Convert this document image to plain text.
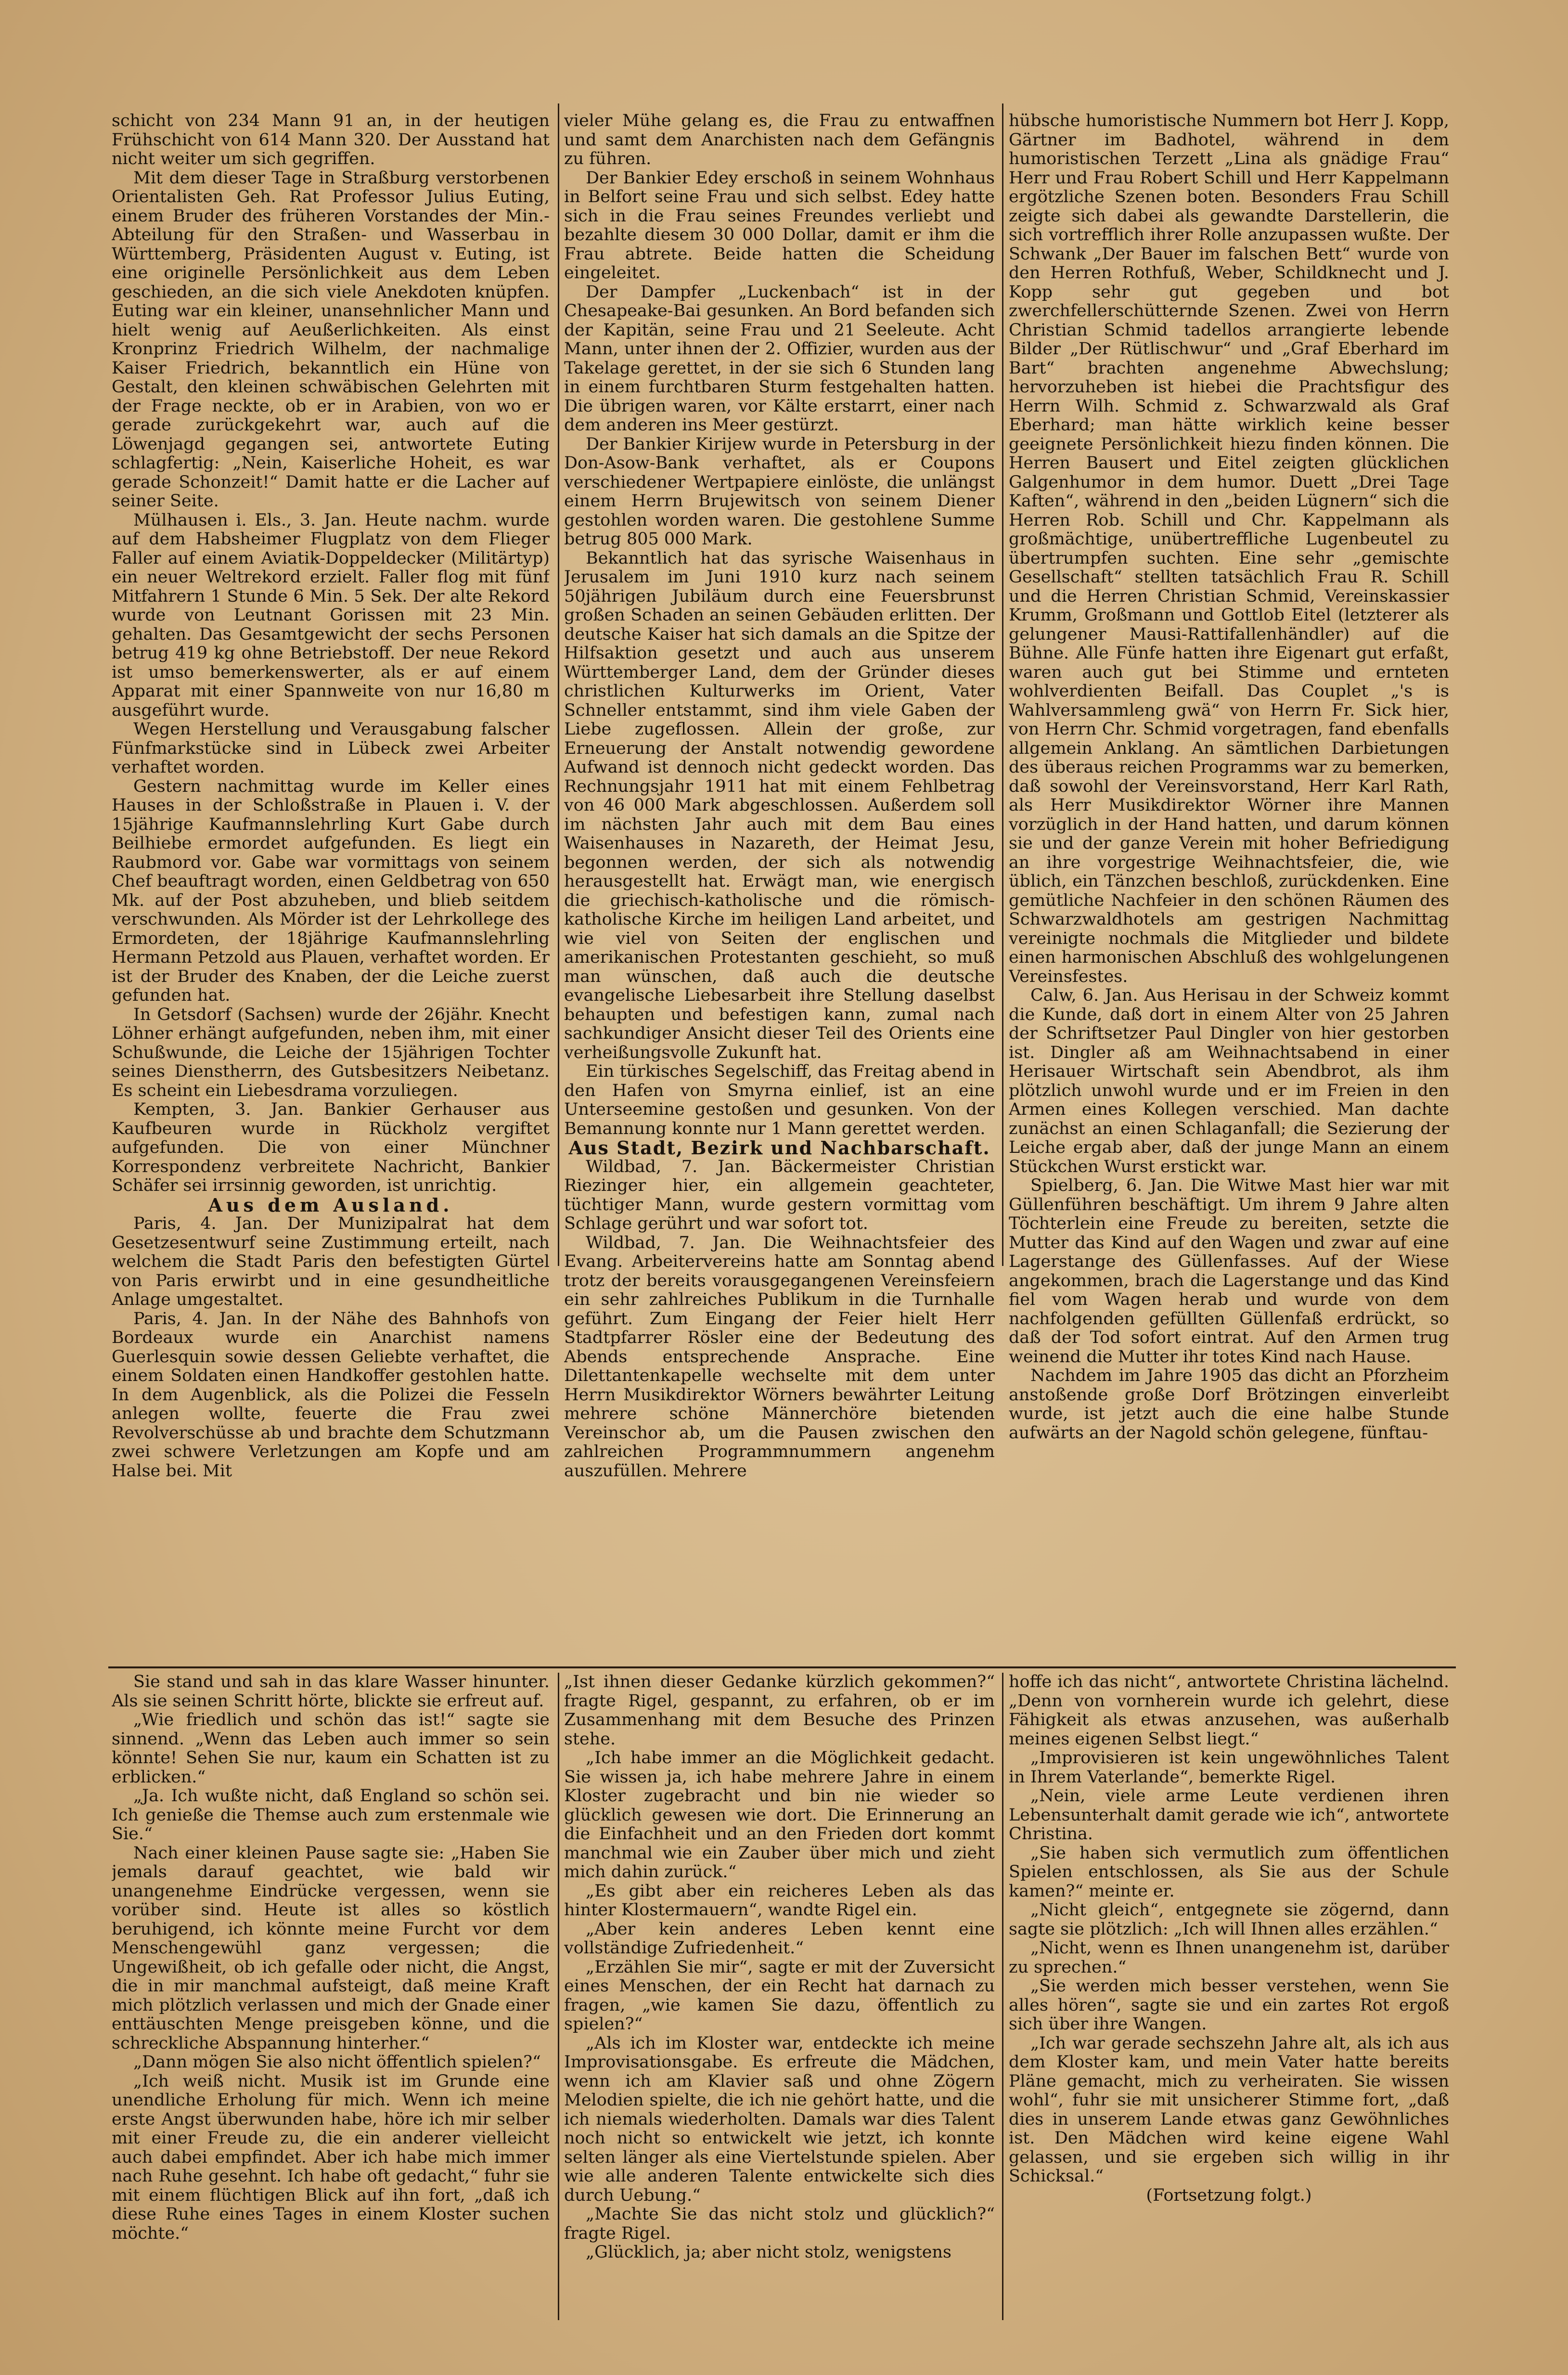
schicht von 234 Mann 91 an, in der heutigen Frühschicht von 614 Mann 320. Der Ausstand hat nicht weiter um sich gegriffen.

Mit dem dieser Tage in Straßburg verstorbenen Orientalisten Geh. Rat Professor Julius Euting, einem Bruder des früheren Vorstandes der Min.-Abteilung für den Straßen- und Wasserbau in Württemberg, Präsidenten August v. Euting, ist eine originelle Persönlichkeit aus dem Leben geschieden, an die sich viele Anekdoten knüpfen. Euting war ein kleiner, unansehnlicher Mann und hielt wenig auf Aeußerlichkeiten. Als einst Kronprinz Friedrich Wilhelm, der nachmalige Kaiser Friedrich, bekanntlich ein Hüne von Gestalt, den kleinen schwäbischen Gelehrten mit der Frage neckte, ob er in Arabien, von wo er gerade zurückgekehrt war, auch auf die Löwenjagd gegangen sei, antwortete Euting schlagfertig: „Nein, Kaiserliche Hoheit, es war gerade Schonzeit!“ Damit hatte er die Lacher auf seiner Seite.

Mülhausen i. Els., 3. Jan. Heute nachm. wurde auf dem Habsheimer Flugplatz von dem Flieger Faller auf einem Aviatik-Doppeldecker (Militärtyp) ein neuer Weltrekord erzielt. Faller flog mit fünf Mitfahrern 1 Stunde 6 Min. 5 Sek. Der alte Rekord wurde von Leutnant Gorissen mit 23 Min. gehalten. Das Gesamtgewicht der sechs Personen betrug 419 kg ohne Betriebstoff. Der neue Rekord ist umso bemerkenswerter, als er auf einem Apparat mit einer Spannweite von nur 16,80 m ausgeführt wurde.

Wegen Herstellung und Verausgabung falscher Fünfmarkstücke sind in Lübeck zwei Arbeiter verhaftet worden.

Gestern nachmittag wurde im Keller eines Hauses in der Schloßstraße in Plauen i. V. der 15jährige Kaufmannslehrling Kurt Gabe durch Beilhiebe ermordet aufgefunden. Es liegt ein Raubmord vor. Gabe war vormittags von seinem Chef beauftragt worden, einen Geldbetrag von 650 Mk. auf der Post abzuheben, und blieb seitdem verschwunden. Als Mörder ist der Lehrkollege des Ermordeten, der 18jährige Kaufmannslehrling Hermann Petzold aus Plauen, verhaftet worden. Er ist der Bruder des Knaben, der die Leiche zuerst gefunden hat.

In Getsdorf (Sachsen) wurde der 26jähr. Knecht Löhner erhängt aufgefunden, neben ihm, mit einer Schußwunde, die Leiche der 15jährigen Tochter seines Dienstherrn, des Gutsbesitzers Neibetanz. Es scheint ein Liebesdrama vorzuliegen.

Kempten, 3. Jan. Bankier Gerhauser aus Kaufbeuren wurde in Rückholz vergiftet aufgefunden. Die von einer Münchner Korrespondenz verbreitete Nachricht, Bankier Schäfer sei irrsinnig geworden, ist unrichtig.

Aus dem Ausland.

Paris, 4. Jan. Der Munizipalrat hat dem Gesetzesentwurf seine Zustimmung erteilt, nach welchem die Stadt Paris den befestigten Gürtel von Paris erwirbt und in eine gesundheitliche Anlage umgestaltet.

Paris, 4. Jan. In der Nähe des Bahnhofs von Bordeaux wurde ein Anarchist namens Guerlesquin sowie dessen Geliebte verhaftet, die einem Soldaten einen Handkoffer gestohlen hatte. In dem Augenblick, als die Polizei die Fesseln anlegen wollte, feuerte die Frau zwei Revolverschüsse ab und brachte dem Schutzmann zwei schwere Verletzungen am Kopfe und am Halse bei. Mit

vieler Mühe gelang es, die Frau zu entwaffnen und samt dem Anarchisten nach dem Gefängnis zu führen.

Der Bankier Edey erschoß in seinem Wohnhaus in Belfort seine Frau und sich selbst. Edey hatte sich in die Frau seines Freundes verliebt und bezahlte diesem 30 000 Dollar, damit er ihm die Frau abtrete. Beide hatten die Scheidung eingeleitet.

Der Dampfer „Luckenbach“ ist in der Chesapeake-Bai gesunken. An Bord befanden sich der Kapitän, seine Frau und 21 Seeleute. Acht Mann, unter ihnen der 2. Offizier, wurden aus der Takelage gerettet, in der sie sich 6 Stunden lang in einem furchtbaren Sturm festgehalten hatten. Die übrigen waren, vor Kälte erstarrt, einer nach dem anderen ins Meer gestürzt.

Der Bankier Kirijew wurde in Petersburg in der Don-Asow-Bank verhaftet, als er Coupons verschiedener Wertpapiere einlöste, die unlängst einem Herrn Brujewitsch von seinem Diener gestohlen worden waren. Die gestohlene Summe betrug 805 000 Mark.

Bekanntlich hat das syrische Waisenhaus in Jerusalem im Juni 1910 kurz nach seinem 50jährigen Jubiläum durch eine Feuersbrunst großen Schaden an seinen Gebäuden erlitten. Der deutsche Kaiser hat sich damals an die Spitze der Hilfsaktion gesetzt und auch aus unserem Württemberger Land, dem der Gründer dieses christlichen Kulturwerks im Orient, Vater Schneller entstammt, sind ihm viele Gaben der Liebe zugeflossen. Allein der große, zur Erneuerung der Anstalt notwendig gewordene Aufwand ist dennoch nicht gedeckt worden. Das Rechnungsjahr 1911 hat mit einem Fehlbetrag von 46 000 Mark abgeschlossen. Außerdem soll im nächsten Jahr auch mit dem Bau eines Waisenhauses in Nazareth, der Heimat Jesu, begonnen werden, der sich als notwendig herausgestellt hat. Erwägt man, wie energisch die griechisch-katholische und die römisch-katholische Kirche im heiligen Land arbeitet, und wie viel von Seiten der englischen und amerikanischen Protestanten geschieht, so muß man wünschen, daß auch die deutsche evangelische Liebesarbeit ihre Stellung daselbst behaupten und befestigen kann, zumal nach sachkundiger Ansicht dieser Teil des Orients eine verheißungsvolle Zukunft hat.

Ein türkisches Segelschiff, das Freitag abend in den Hafen von Smyrna einlief, ist an eine Unterseemine gestoßen und gesunken. Von der Bemannung konnte nur 1 Mann gerettet werden.

Aus Stadt, Bezirk und Nachbarschaft.

Wildbad, 7. Jan. Bäckermeister Christian Riezinger hier, ein allgemein geachteter, tüchtiger Mann, wurde gestern vormittag vom Schlage gerührt und war sofort tot.

Wildbad, 7. Jan. Die Weihnachtsfeier des Evang. Arbeitervereins hatte am Sonntag abend trotz der bereits vorausgegangenen Vereinsfeiern ein sehr zahlreiches Publikum in die Turnhalle geführt. Zum Eingang der Feier hielt Herr Stadtpfarrer Rösler eine der Bedeutung des Abends entsprechende Ansprache. Eine Dilettantenkapelle wechselte mit dem unter Herrn Musikdirektor Wörners bewährter Leitung mehrere schöne Männerchöre bietenden Vereinschor ab, um die Pausen zwischen den zahlreichen Programmnummern angenehm auszufüllen. Mehrere

hübsche humoristische Nummern bot Herr J. Kopp, Gärtner im Badhotel, während in dem humoristischen Terzett „Lina als gnädige Frau“ Herr und Frau Robert Schill und Herr Kappelmann ergötzliche Szenen boten. Besonders Frau Schill zeigte sich dabei als gewandte Darstellerin, die sich vortrefflich ihrer Rolle anzupassen wußte. Der Schwank „Der Bauer im falschen Bett“ wurde von den Herren Rothfuß, Weber, Schildknecht und J. Kopp sehr gut gegeben und bot zwerchfellerschütternde Szenen. Zwei von Herrn Christian Schmid tadellos arrangierte lebende Bilder „Der Rütlischwur“ und „Graf Eberhard im Bart“ brachten angenehme Abwechslung; hervorzuheben ist hiebei die Prachtsfigur des Herrn Wilh. Schmid z. Schwarzwald als Graf Eberhard; man hätte wirklich keine besser geeignete Persönlichkeit hiezu finden können. Die Herren Bausert und Eitel zeigten glücklichen Galgenhumor in dem humor. Duett „Drei Tage Kaften“, während in den „beiden Lügnern“ sich die Herren Rob. Schill und Chr. Kappelmann als großmächtige, unübertreffliche Lugenbeutel zu übertrumpfen suchten. Eine sehr „gemischte Gesellschaft“ stellten tatsächlich Frau R. Schill und die Herren Christian Schmid, Vereinskassier Krumm, Großmann und Gottlob Eitel (letzterer als gelungener Mausi-Rattifallenhändler) auf die Bühne. Alle Fünfe hatten ihre Eigenart gut erfaßt, waren auch gut bei Stimme und ernteten wohlverdienten Beifall. Das Couplet „'s is Wahlversammleng gwä“ von Herrn Fr. Sick hier, von Herrn Chr. Schmid vorgetragen, fand ebenfalls allgemein Anklang. An sämtlichen Darbietungen des überaus reichen Programms war zu bemerken, daß sowohl der Vereinsvorstand, Herr Karl Rath, als Herr Musikdirektor Wörner ihre Mannen vorzüglich in der Hand hatten, und darum können sie und der ganze Verein mit hoher Befriedigung an ihre vorgestrige Weihnachtsfeier, die, wie üblich, ein Tänzchen beschloß, zurückdenken. Eine gemütliche Nachfeier in den schönen Räumen des Schwarzwaldhotels am gestrigen Nachmittag vereinigte nochmals die Mitglieder und bildete einen harmonischen Abschluß des wohlgelungenen Vereinsfestes.

Calw, 6. Jan. Aus Herisau in der Schweiz kommt die Kunde, daß dort in einem Alter von 25 Jahren der Schriftsetzer Paul Dingler von hier gestorben ist. Dingler aß am Weihnachtsabend in einer Herisauer Wirtschaft sein Abendbrot, als ihm plötzlich unwohl wurde und er im Freien in den Armen eines Kollegen verschied. Man dachte zunächst an einen Schlaganfall; die Sezierung der Leiche ergab aber, daß der junge Mann an einem Stückchen Wurst erstickt war.

Spielberg, 6. Jan. Die Witwe Mast hier war mit Güllenführen beschäftigt. Um ihrem 9 Jahre alten Töchterlein eine Freude zu bereiten, setzte die Mutter das Kind auf den Wagen und zwar auf eine Lagerstange des Güllenfasses. Auf der Wiese angekommen, brach die Lagerstange und das Kind fiel vom Wagen herab und wurde von dem nachfolgenden gefüllten Güllenfaß erdrückt, so daß der Tod sofort eintrat. Auf den Armen trug weinend die Mutter ihr totes Kind nach Hause.

Nachdem im Jahre 1905 das dicht an Pforzheim anstoßende große Dorf Brötzingen einverleibt wurde, ist jetzt auch die eine halbe Stunde aufwärts an der Nagold schön gelegene, fünftau-

Sie stand und sah in das klare Wasser hinunter. Als sie seinen Schritt hörte, blickte sie erfreut auf.

„Wie friedlich und schön das ist!“ sagte sie sinnend. „Wenn das Leben auch immer so sein könnte! Sehen Sie nur, kaum ein Schatten ist zu erblicken.“

„Ja. Ich wußte nicht, daß England so schön sei. Ich genieße die Themse auch zum erstenmale wie Sie.“

Nach einer kleinen Pause sagte sie: „Haben Sie jemals darauf geachtet, wie bald wir unangenehme Eindrücke vergessen, wenn sie vorüber sind. Heute ist alles so köstlich beruhigend, ich könnte meine Furcht vor dem Menschengewühl ganz vergessen; die Ungewißheit, ob ich gefalle oder nicht, die Angst, die in mir manchmal aufsteigt, daß meine Kraft mich plötzlich verlassen und mich der Gnade einer enttäuschten Menge preisgeben könne, und die schreckliche Abspannung hinterher.“

„Dann mögen Sie also nicht öffentlich spielen?“

„Ich weiß nicht. Musik ist im Grunde eine unendliche Erholung für mich. Wenn ich meine erste Angst überwunden habe, höre ich mir selber mit einer Freude zu, die ein anderer vielleicht auch dabei empfindet. Aber ich habe mich immer nach Ruhe gesehnt. Ich habe oft gedacht,“ fuhr sie mit einem flüchtigen Blick auf ihn fort, „daß ich diese Ruhe eines Tages in einem Kloster suchen möchte.“

„Ist ihnen dieser Gedanke kürzlich gekommen?“ fragte Rigel, gespannt, zu erfahren, ob er im Zusammenhang mit dem Besuche des Prinzen stehe.

„Ich habe immer an die Möglichkeit gedacht. Sie wissen ja, ich habe mehrere Jahre in einem Kloster zugebracht und bin nie wieder so glücklich gewesen wie dort. Die Erinnerung an die Einfachheit und an den Frieden dort kommt manchmal wie ein Zauber über mich und zieht mich dahin zurück.“

„Es gibt aber ein reicheres Leben als das hinter Klostermauern“, wandte Rigel ein.

„Aber kein anderes Leben kennt eine vollständige Zufriedenheit.“

„Erzählen Sie mir“, sagte er mit der Zuversicht eines Menschen, der ein Recht hat darnach zu fragen, „wie kamen Sie dazu, öffentlich zu spielen?“

„Als ich im Kloster war, entdeckte ich meine Improvisationsgabe. Es erfreute die Mädchen, wenn ich am Klavier saß und ohne Zögern Melodien spielte, die ich nie gehört hatte, und die ich niemals wiederholten. Damals war dies Talent noch nicht so entwickelt wie jetzt, ich konnte selten länger als eine Viertelstunde spielen. Aber wie alle anderen Talente entwickelte sich dies durch Uebung.“

„Machte Sie das nicht stolz und glücklich?“ fragte Rigel.

„Glücklich, ja; aber nicht stolz, wenigstens

hoffe ich das nicht“, antwortete Christina lächelnd. „Denn von vornherein wurde ich gelehrt, diese Fähigkeit als etwas anzusehen, was außerhalb meines eigenen Selbst liegt.“

„Improvisieren ist kein ungewöhnliches Talent in Ihrem Vaterlande“, bemerkte Rigel.

„Nein, viele arme Leute verdienen ihren Lebensunterhalt damit gerade wie ich“, antwortete Christina.

„Sie haben sich vermutlich zum öffentlichen Spielen entschlossen, als Sie aus der Schule kamen?“ meinte er.

„Nicht gleich“, entgegnete sie zögernd, dann sagte sie plötzlich: „Ich will Ihnen alles erzählen.“

„Nicht, wenn es Ihnen unangenehm ist, darüber zu sprechen.“

„Sie werden mich besser verstehen, wenn Sie alles hören“, sagte sie und ein zartes Rot ergoß sich über ihre Wangen.

„Ich war gerade sechszehn Jahre alt, als ich aus dem Kloster kam, und mein Vater hatte bereits Pläne gemacht, mich zu verheiraten. Sie wissen wohl“, fuhr sie mit unsicherer Stimme fort, „daß dies in unserem Lande etwas ganz Gewöhnliches ist. Den Mädchen wird keine eigene Wahl gelassen, und sie ergeben sich willig in ihr Schicksal.“

(Fortsetzung folgt.)
